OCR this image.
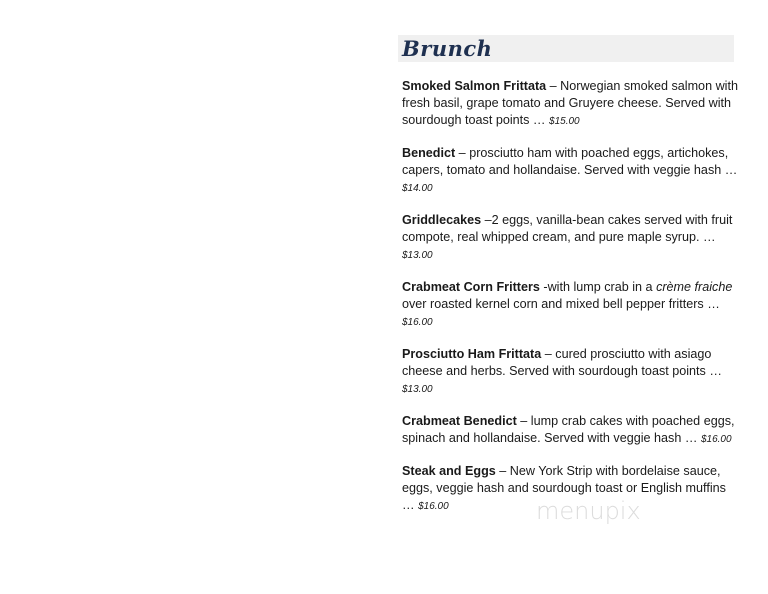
Brunch
Smoked Salmon Frittata – Norwegian smoked salmon with fresh basil, grape tomato and Gruyere cheese. Served with sourdough toast points … $15.00
Benedict – prosciutto ham with poached eggs, artichokes, capers, tomato and hollandaise. Served with veggie hash … $14.00
Griddlecakes –2 eggs, vanilla-bean cakes served with fruit compote, real whipped cream, and pure maple syrup. … $13.00
Crabmeat Corn Fritters -with lump crab in a crème fraiche over roasted kernel corn and mixed bell pepper fritters … $16.00
Prosciutto Ham Frittata – cured prosciutto with asiago cheese and herbs. Served with sourdough toast points … $13.00
Crabmeat Benedict – lump crab cakes with poached eggs, spinach and hollandaise. Served with veggie hash … $16.00
Steak and Eggs – New York Strip with bordelaise sauce, eggs, veggie hash and sourdough toast or English muffins … $16.00	menupix
